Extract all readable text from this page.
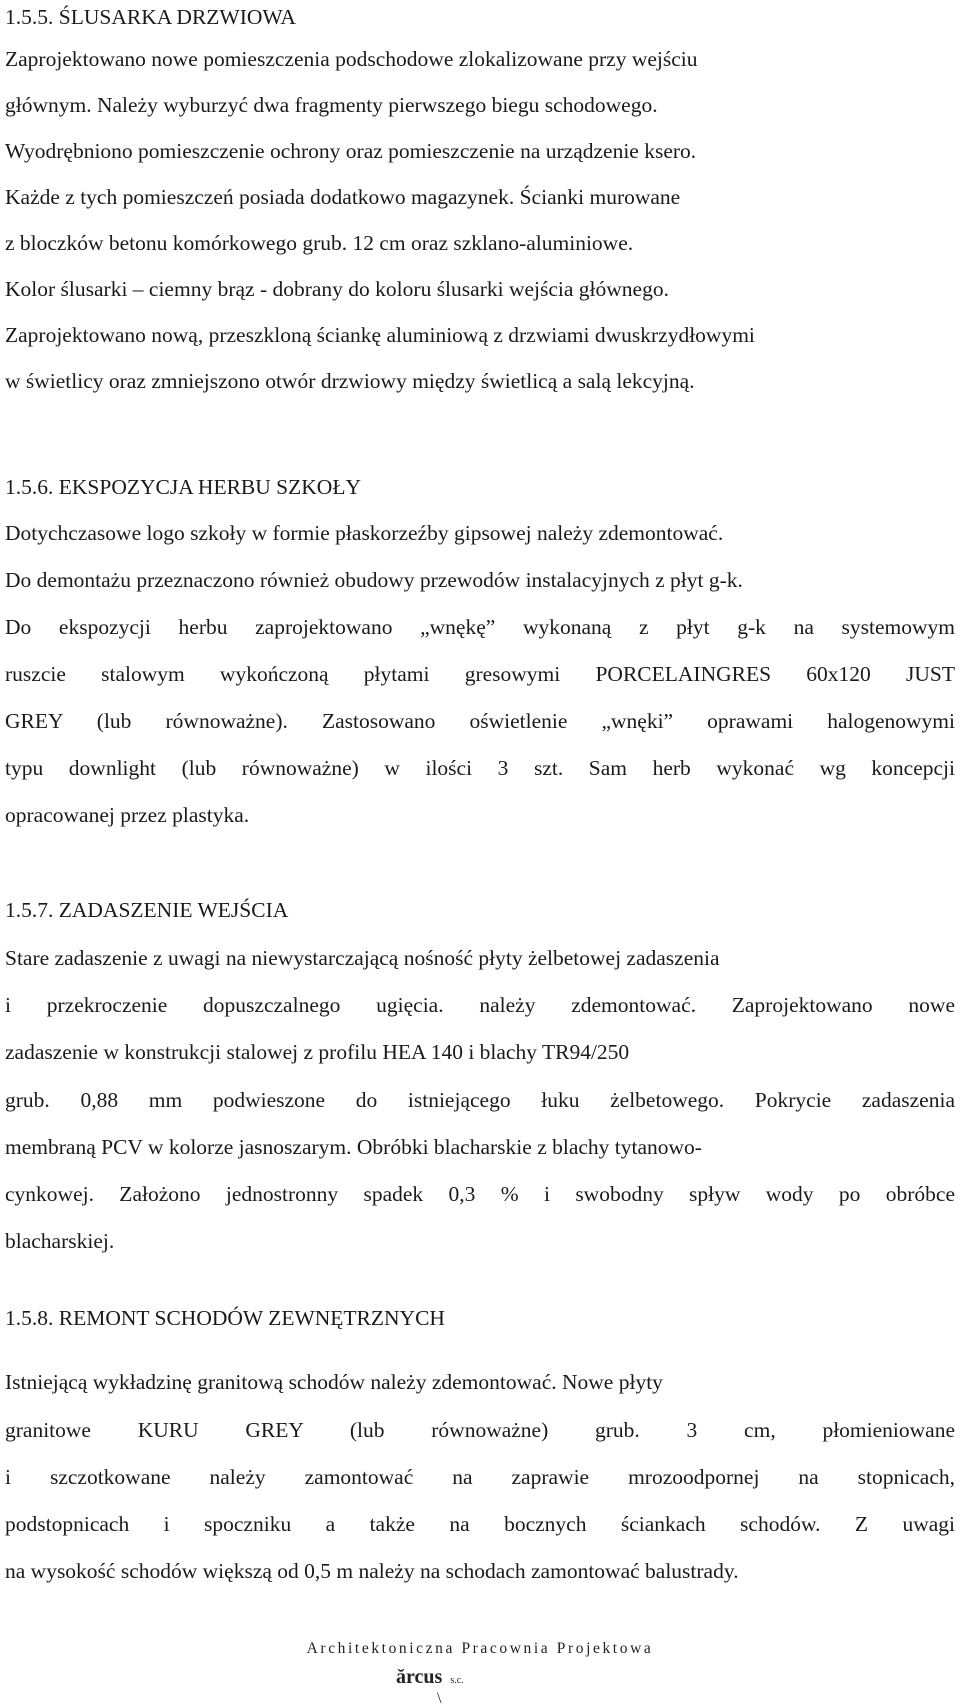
1.5.5. ŚLUSARKA DRZWIOWA
Zaprojektowano nowe pomieszczenia podschodowe zlokalizowane przy wejściu
głównym. Należy wyburzyć dwa fragmenty pierwszego biegu schodowego.
Wyodrębniono pomieszczenie ochrony oraz pomieszczenie na urządzenie ksero.
Każde z tych pomieszczeń posiada dodatkowo magazynek. Ścianki murowane
z bloczków betonu komórkowego grub. 12 cm oraz szklano-aluminiowe.
Kolor ślusarki – ciemny brąz - dobrany do koloru ślusarki wejścia głównego.
Zaprojektowano nową, przeszkloną ściankę aluminiową z drzwiami dwuskrzydłowymi
w świetlicy oraz zmniejszono otwór drzwiowy między świetlicą a salą lekcyjną.
1.5.6. EKSPOZYCJA HERBU SZKOŁY
Dotychczasowe logo szkoły w formie płaskorzeźby gipsowej należy zdemontować.
Do demontażu przeznaczono również obudowy przewodów instalacyjnych z płyt g-k.
Do ekspozycji herbu zaprojektowano „wnękę” wykonaną z płyt g-k na systemowym
ruszcie stalowym wykończoną płytami gresowymi PORCELAINGRES 60x120 JUST
GREY (lub równoważne). Zastosowano oświetlenie „wnęki” oprawami halogenowymi
typu downlight (lub równoważne) w ilości 3 szt. Sam herb wykonać wg koncepcji
opracowanej przez plastyka.
1.5.7. ZADASZENIE WEJŚCIA
Stare zadaszenie z uwagi na niewystarczającą nośność płyty żelbetowej zadaszenia
i przekroczenie dopuszczalnego ugięcia. należy zdemontować. Zaprojektowano nowe
zadaszenie w konstrukcji stalowej z profilu HEA 140 i blachy TR94/250
grub. 0,88 mm podwieszone do istniejącego łuku żelbetowego. Pokrycie zadaszenia
membraną PCV w kolorze jasnoszarym. Obróbki blacharskie z blachy tytanowo-
cynkowej. Założono jednostronny spadek 0,3 % i swobodny spływ wody po obróbce
blacharskiej.
1.5.8. REMONT SCHODÓW ZEWNĘTRZNYCH
Istniejącą wykładzinę granitową schodów należy zdemontować. Nowe płyty
granitowe KURU GREY (lub równoważne) grub. 3 cm, płomieniowane
i szczotkowane należy zamontować na zaprawie mrozoodpornej na stopnicach,
podstopnicach i spoczniku a także na bocznych ściankach schodów. Z uwagi
na wysokość schodów większą od 0,5 m należy na schodach zamontować balustrady.
Architektoniczna Pracownia Projektowa
ărcus s.c.
\
